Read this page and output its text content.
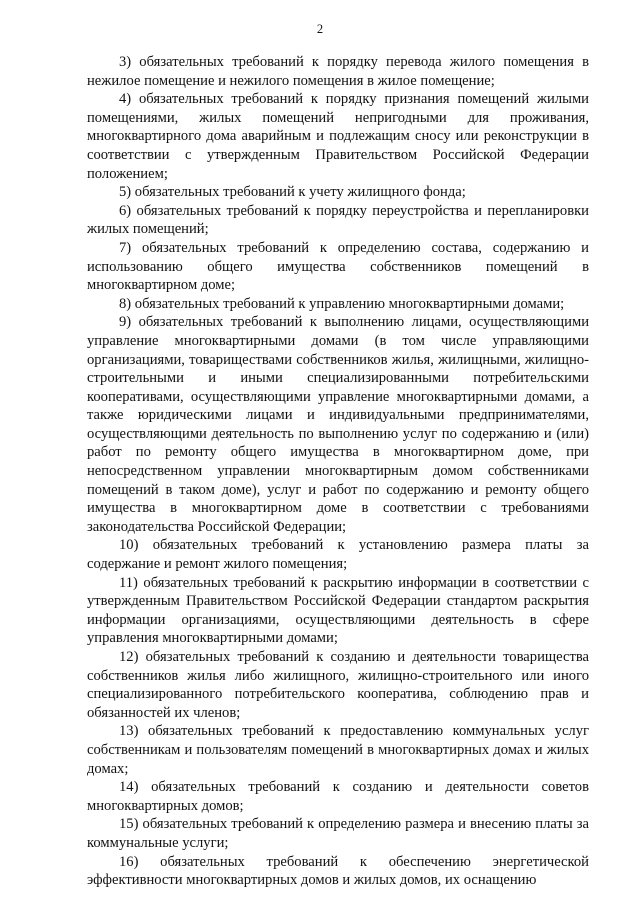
2

3) обязательных требований к порядку перевода жилого помещения в нежилое помещение и нежилого помещения в жилое помещение;

4) обязательных требований к порядку признания помещений жилыми помещениями, жилых помещений непригодными для проживания, многоквартирного дома аварийным и подлежащим сносу или реконструкции в соответствии с утвержденным Правительством Российской Федерации положением;

5) обязательных требований к учету жилищного фонда;

6) обязательных требований к порядку переустройства и перепланировки жилых помещений;

7) обязательных требований к определению состава, содержанию и использованию общего имущества собственников помещений в многоквартирном доме;

8) обязательных требований к управлению многоквартирными домами;

9) обязательных требований к выполнению лицами, осуществляющими управление многоквартирными домами (в том числе управляющими организациями, товариществами собственников жилья, жилищными, жилищно-строительными и иными специализированными потребительскими кооперативами, осуществляющими управление многоквартирными домами, а также юридическими лицами и индивидуальными предпринимателями, осуществляющими деятельность по выполнению услуг по содержанию и (или) работ по ремонту общего имущества в многоквартирном доме, при непосредственном управлении многоквартирным домом собственниками помещений в таком доме), услуг и работ по содержанию и ремонту общего имущества в многоквартирном доме в соответствии с требованиями законодательства Российской Федерации;

10) обязательных требований к установлению размера платы за содержание и ремонт жилого помещения;

11) обязательных требований к раскрытию информации в соответствии с утвержденным Правительством Российской Федерации стандартом раскрытия информации организациями, осуществляющими деятельность в сфере управления многоквартирными домами;

12) обязательных требований к созданию и деятельности товарищества собственников жилья либо жилищного, жилищно-строительного или иного специализированного потребительского кооператива, соблюдению прав и обязанностей их членов;

13) обязательных требований к предоставлению коммунальных услуг собственникам и пользователям помещений в многоквартирных домах и жилых домах;

14) обязательных требований к созданию и деятельности советов многоквартирных домов;

15) обязательных требований к определению размера и внесению платы за коммунальные услуги;

16) обязательных требований к обеспечению энергетической эффективности многоквартирных домов и жилых домов, их оснащению
